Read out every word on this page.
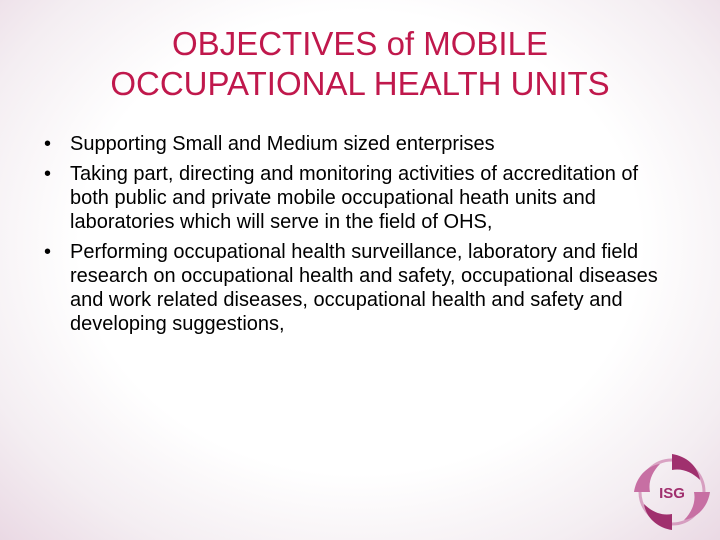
OBJECTIVES of MOBILE
OCCUPATIONAL HEALTH UNITS
• Supporting Small and Medium sized enterprises
• Taking part, directing and monitoring activities of accreditation of both public and private mobile occupational heath units and laboratories which will serve in the field of OHS,
• Performing occupational health surveillance, laboratory and field research on occupational health and safety, occupational diseases and work related diseases, occupational health and safety and developing suggestions,
ISG
